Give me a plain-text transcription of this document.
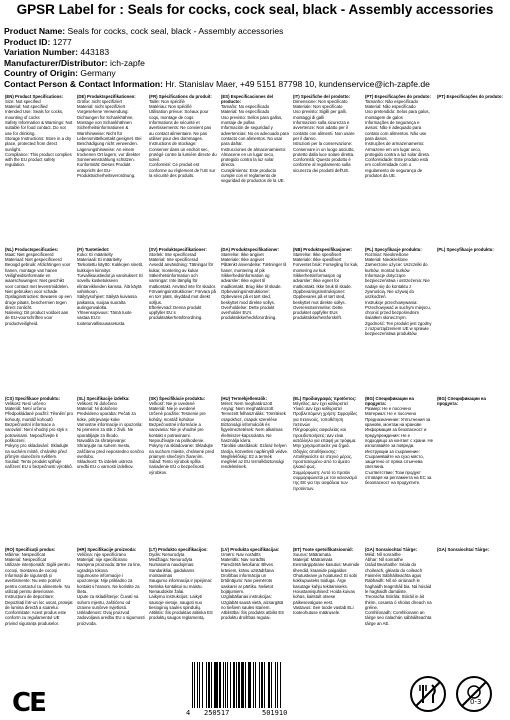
GPSR Label for : Seals for cocks, cock seal, black - Assembly accessories
Product Name: Seals for cocks, cock seal, black - Assembly accessories
Product ID: 1277
Variation Number: 443183
Manufacturer/Distributor: ich-zapfe
Country of Origin: Germany
Contact Person & Contact Information: Hr. Stanislav Maer, +49 5151 87798 10, kundenservice@ich-zapfe.de
(EN) Product Specifications:
Size: Not specified
Material: Not specified
Intended Use: Seals for cocks, mounting of cocks
Safety Information & Warnings: Not suitable for food contact. Do not use for drinking.
Storage Instructions: Store in a dry place, protected from direct sunlight.
Compliance: This product complies with the EU product safety regulation.
(DE) Produktspezifikationen:
Größe: nicht spezifiziert
Material: nicht spezifiziert
Vorgesehene Verwendung: Dichtungen für Schankhähne, Montage von Schankhähnen
Sicherheitsinformationen & Warnhinweise: Nicht für Lebensmittelkontakt geeignet. Bei Beschädigung nicht verwenden.
Lagerungshinweise: An einem trockenen Ort lagern, vor direkter Sonneneinstrahlung schützen.
Konformität: Dieses Produkt entspricht der EU-Produktsicherheitsverordnung.
(FR) Spécifications du produit:
Taille: Non spécifié
Matériau: Non spécifié
Utilisation prévue: Scéaux pour coqs, montage de coqs
Informations de sécurité et avertissements: Ne convient pas au contact alimentaire. Ne pas utiliser pour des dommages.
Instructions de stockage: Conserver dans un endroit sec, protégé contre la lumière directe du soleil.
Conformité: Ce produit est conforme au règlement de l'UE sur la sécurité des produits.
(ES) Especificaciones del producto:
Tamaño: No especificado
Material: No especificado
Uso previsto: Sellos para gallos, montaje de pollas
Información de seguridad y advertencias: No es adecuado para contacto con alimentos. No usar para dañar.
Instrucciones de almacenamiento: Almacene en un lugar seco, protegido contra la luz solar directa.
Cumplimiento: Este producto cumple con el reglamento de seguridad de productos de la UE.
(IT) Specifiche del prodotto:
Dimensione: Non specificato
Materiale: Non specificato
Uso previsto: Sigilli per galli, montaggi di galli
Informazioni sulla sicurezza e avvertenze: Non adatto per il contatto con alimenti. Non usare per il danno.
Istruzioni per la conservazione: Conservare in un luogo asciutto, protetto dalla luce solare diretta.
Conformità: Questo prodotto è conforme al regolamento sulla sicurezza dei prodotti dell'UE.
(PT) Especificações do produto:
Tamanho: Não especificado
Material: Não especificado
Uso pretendido: Selos para galos, montagem de galos
Informações de segurança e avisos: Não é adequado para contato com alimentos. Não use para danos.
Instruções de armazenamento: Armazene em um lugar seco, protegido contra a luz solar direta.
Conformidade: Este produto está em conformidade com o regulamento de segurança de produtos da UE.
(PT) Especificações do produto:
(NL) Productspecificaties:
Maat: Niet gespecificeerd
Materiaal: Niet gespecificeerd
Beoogd gebruik: Afdichtingen voor hanen, montage van hanen
Veiligheidsinformatie en waarschuwingen: Niet geschikt voor contact met levensmiddelen. Niet gebruiken voor schade.
Opslaginstructies: Bewaren op een droge plaats, beschermen tegen direct zonlicht.
Naleving: Dit product voldoet aan de EU-voorschriften voor productveiligheid.
(FI) Tuotetiedot:
Koko: Ei määritelty
Materiaali: Ei määritelty
Tarkoitettu käyttö: Kukkojen sinetit, kukkojen kiinnitys
Turvallisuustiedot ja varoitukset: Ei sovellu kosketukseen elintarvikkeiden kanssa. Älä käytä vahinkoon.
Säilytysohjeet: Säilytä kuivassa paikassa, suojaa suoralta auringonvalolta.
Yhteensopivuus: Tämä tuote vastaa EU:n tuoteturvallisuusasetusta.
(SV) Produktspecifikationer:
Storlek: Inte specificerad
Material: Inte specificerad
Avsedd användning: Tätningar för kukar, montering av kukar
Säkerhetsinformation och varningar: Inte lämplig för matkontakt. Använd inte för skador.
Förvaringsinstruktioner: Förvara på en torr plats, skyddad mot direkt solljus.
Efterlevnad: Denna produkt uppfyller EU:s produktsäkerhetsförordning.
(DA) Produktspecifikationer:
Størrelse: Ikke angivet
Materiale: Ikke angivet
Påtænkt anvendelse: Tætninger til haner, montering af pik
Sikkerhedsinformation og advarsler: Ikke egnet til madkontakt. Brug ikke til skade.
Opbevaringsinstruktioner: Opbevares på et tørt sted, beskyttet mod direkte sollys.
Overholdelse: Dette produkt overholder EU's produktsikkerhedsforordning.
(NB) Produktspesifikasjoner:
Størrelse: Ikke spesifisert
Materiale: Ikke spesifisert
Forventet bruk: Forsegling for kuk, montering av kuk
Sikkerhetsinformasjon og advarsler: Ikke egnet for matkontakt. Ikke bruk til skade.
Oppbevaringsinstruksjoner: Oppbevares på et tørt sted, beskyttet mot direkte sollys.
Overensstemmelse: Dette produktet oppfyller EUs produktsikkerhetsforskrift.
(PL) Specyfikacje produktu:
Rozmiar: Nieokreślone
Materiał: Nieokreślone
Zamierzone użycie: Uszczelki do kurków, montaż kurków
Informacje dotyczące bezpieczeństwa i ostrzeżenia: Nie nadaje się do kontaktu z żywnością. Nie używaj do uszkodzeń.
Instrukcje przechowywania: Przechowywać w suchym miejscu, chronić przed bezpośrednim światłem słonecznym.
Zgodność: Ten produkt jest zgodny z rozporządzeniem UE w sprawie bezpieczeństwa produktów.
(PL) Specyfikacje produktu:
(CS) Specifikace produktu:
Velikost: Není určeno
Materiál: Není určeno
Předpokládané použití: Těsnění pro kohouty, montáž kohoutů
Bezpečnostní informace a varování: Není vhodný pro styk s potravinami. Nepoužívejte k poškození.
Pokyny pro skladování: Skladujte na suchém místě, chráněte před přímým slunečním světlem.
Soulad: Tento produkt splňuje nařízení EU o bezpečnosti výrobků.
(SL) Specifikacije izdelka:
Velikost: Ni določeno
Material: Ni določeno
Predvideno uporaba: Pečati za koke, pritrjevanje koke
Varnostne informacije in opozorila: Ni primeren za stik z živili. Ne uporabljajte za škodo.
Navodila za shranjevanje: Shranjujte na suhem mestu, zaščiteno pred neposredno sončno svetlobo.
Skladnost: Ta izdelek ustreza uredbi EU o varnosti izdelkov.
(SK) Špecifikácie produktu:
Veľkosť: Nie je uvedené
Materiál: Nie je uvedené
Určené použitie: Tesnenie pre kohúty, montáž kohútov
Bezpečnostné informácie a varovania: Nie je vhodné pre kontakt s potravinami. Nepoužívajte na poškodenie.
Pokyny na skladovanie: Skladujte na suchom mieste, chránené pred priamym slnečným žiarením.
Súlad: Tento výrobok spĺňa nariadenie EÚ o bezpečnosti výrobkov.
(HU) Termékjellemzők:
Méret: Nem meghatározott
Anyag: Nem meghatározott
Tervezett felhasználás: Tömítések csapokhoz, csapok szerelése
Biztonsági információk és figyelmeztetések: Nem alkalmas élelmiszer-kapcsolatra. Ne használja kárra.
Tárolási utasítások: Száraz helyen tárolja, közvetlen napfénytől védve.
Megfelelőség: Ez a termék megfelel az EU termékbiztonsági rendeletének.
(EL) Προδιαγραφές προϊόντος:
Μέγεθος: Δεν έχει καθοριστεί
Υλικό: Δεν έχει καθοριστεί
Προβλεπόμενη χρήση: Σφραγίδες για πετεινούς, τοποθέτηση πετεινών
Πληροφορίες ασφαλείας και προειδοποιήσεις: Δεν είναι κατάλληλο για επαφή με τρόφιμα. Μην χρησιμοποιείτε για ζημιά.
Οδηγίες αποθήκευσης: Αποθηκεύστε σε στεγνό μέρος, προστατευμένο από το άμεσο ηλιακό φως.
Συμμόρφωση: Αυτό το προϊόν συμμορφώνεται με τον κανονισμό της ΕΕ για την ασφάλεια των προϊόντων.
(BG) Спецификации на продукта:
Размер: Не е посочено
Материал: Не е посочено
Предназначение: Уплътнения за кранове, монтаж на кранове
Информация за безопасност и предупреждения: Не е подходящо за контакт с храни. Не използвайте за повреда.
Инструкции за съхранение: Съхранявайте на сухо място, защитено от пряка слънчева светлина.
Съответствие: Този продукт отговаря на регламента на ЕС за безопасност на продуктите.
(BG) Спецификации на продукта:
(RO) Specificații produs:
Mărime: Nespecificat
Material: Nespecificat
Utilizare intenționată: Sigilii pentru cocoși, montarea de cocoși
Informații de siguranță și avertismente: Nu este potrivit pentru contactul cu alimentele. Nu utilizați pentru deteriorare.
Instrucțiuni de depozitare: Depozitați într-un loc uscat, protejat de lumina directă a soarelui.
Conformitate: Acest produs este conform cu regulamentul UE privind siguranța produselor.
(HR) Specifikacije proizvoda:
Veličina: nije specificirano
Materijal: nije specificirano
Namjena proizvoda: Brtve za line, ugradnja tokova
Sigurnosne informacije i upozorenja: Nije prikladno za kontakt s hranom. Ne koristite za štetu.
Upute za skladištenje: Čuvati na suhom mjestu, zaštićeno od izravne sunčeve svjetlosti.
Usklađenost: Ovaj proizvod zadovoljava uredbu EU o sigurnosti proizvoda.
(LT) Produkto specifikacijos:
Dydis: Nenurodyta
Medžiaga: Nenurodyta
Numatoma naudojimas: Sandarikliai, gaidukams montavimas
Saugumo informacija ir įspėjimai: Netinka kontaktui su maistu. Nenaudokite žalai.
Laikymo instrukcijos: Laikyti sausoje vietoje, saugoti nuo tiesioginių saulės spindulių.
Atitiktis: Šis produktas atitinka ES produktų saugos reglamentą.
(LV) Produkta specifikācijas:
Izmērs: Nav norādīts
Materiāls: Nav norādīts
Paredzētā lietošana: Blīves krāniem, krānu uzstādīšana
Drošības informācija un brīdinājumi: Nav piemērots saskarei ar pārtiku. Nelietot bojājumiem.
Uzglabāšanas instrukcijas: Uzglabāt sausā vietā, aizsargātā no tiešiem saules stariem.
Atbilstība: Šis produkts atbilst ES produktu drošības regulai.
(ET) Toote spetsifikatsioonid:
Suurus: Määramata
Materjal: Määramata
Eesmärgipärane kasutus: Munnide tihendid, kraanide paigaldus
Ohutusteave ja hoiatused: Ei sobi kokkupuuteks toiduga. Ärge kasutage kahju tekitamiseks.
Hoiustamisjuhised: Hoida kuivas kohas, kaitstult otsese päikesevalguse eest.
Vastavus: See toode vastab ELi tooteohutuse määrusele.
(GA) Sonraíochtaí Táirge:
Méid: Níl sonraithe
Ábhar: Níl sonraithe
Úsáid Beartaithe: Séala do choileach, gléasla do coileach
Faisnéis Sábháilteachta agus Rabhaidh: Níl sé oiriúnach le haghaidh teagmháil bia. Ná húsáid le haghaidh damáiste.
Treoracha Stórála: Stóráil in áit thirim, cosanta ó sholas díreach na gréine.
Comhlíonadh: Comhlíonann an táirge seo rialachán sábháilteachta táirge an AE.
(GA) Sonraíochtaí Táirge:
CE	4 250517	501910
0-3
